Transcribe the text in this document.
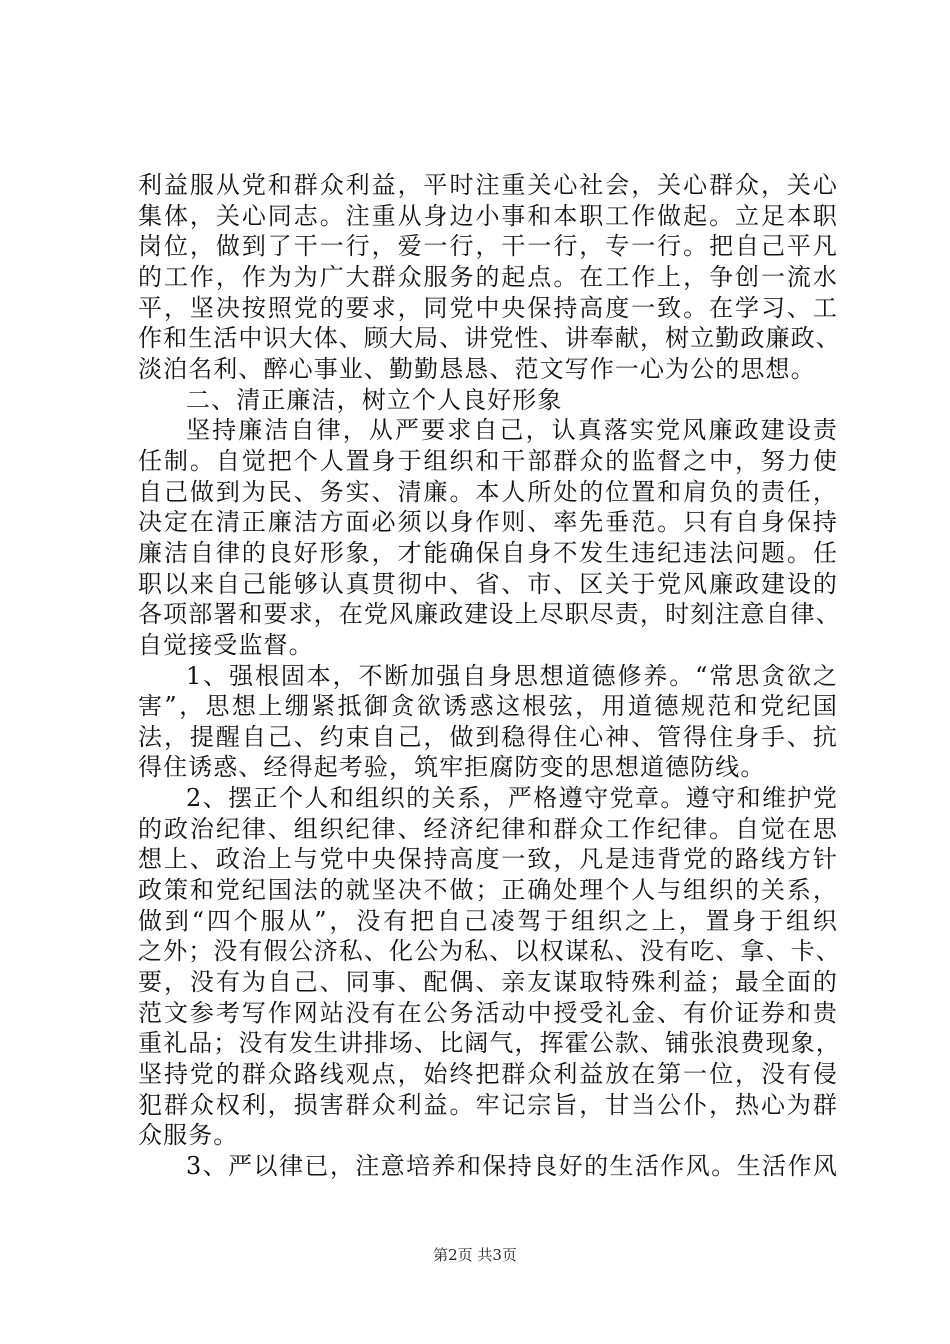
利益服从党和群众利益，平时注重关心社会，关心群众，关心
集体，关心同志。注重从身边小事和本职工作做起。立足本职
岗位，做到了干一行，爱一行，干一行，专一行。把自己平凡
的工作，作为为广大群众服务的起点。在工作上，争创一流水
平，坚决按照党的要求，同党中央保持高度一致。在学习、工
作和生活中识大体、顾大局、讲党性、讲奉献，树立勤政廉政、
淡泊名利、醉心事业、勤勤恳恳、范文写作一心为公的思想。
二、清正廉洁，树立个人良好形象
坚持廉洁自律，从严要求自己，认真落实党风廉政建设责
任制。自觉把个人置身于组织和干部群众的监督之中，努力使
自己做到为民、务实、清廉。本人所处的位置和肩负的责任，
决定在清正廉洁方面必须以身作则、率先垂范。只有自身保持
廉洁自律的良好形象，才能确保自身不发生违纪违法问题。任
职以来自己能够认真贯彻中、省、市、区关于党风廉政建设的
各项部署和要求，在党风廉政建设上尽职尽责，时刻注意自律、
自觉接受监督。
1、强根固本，不断加强自身思想道德修养。“常思贪欲之
害”，思想上绷紧抵御贪欲诱惑这根弦，用道德规范和党纪国
法，提醒自己、约束自己，做到稳得住心神、管得住身手、抗
得住诱惑、经得起考验，筑牢拒腐防变的思想道德防线。
2、摆正个人和组织的关系，严格遵守党章。遵守和维护党
的政治纪律、组织纪律、经济纪律和群众工作纪律。自觉在思
想上、政治上与党中央保持高度一致，凡是违背党的路线方针
政策和党纪国法的就坚决不做；正确处理个人与组织的关系，
做到“四个服从”，没有把自己凌驾于组织之上，置身于组织
之外；没有假公济私、化公为私、以权谋私、没有吃、拿、卡、
要，没有为自己、同事、配偶、亲友谋取特殊利益；最全面的
范文参考写作网站没有在公务活动中授受礼金、有价证券和贵
重礼品；没有发生讲排场、比阔气，挥霍公款、铺张浪费现象，
坚持党的群众路线观点，始终把群众利益放在第一位，没有侵
犯群众权利，损害群众利益。牢记宗旨，甘当公仆，热心为群
众服务。
3、严以律已，注意培养和保持良好的生活作风。生活作风
第2页 共3页
